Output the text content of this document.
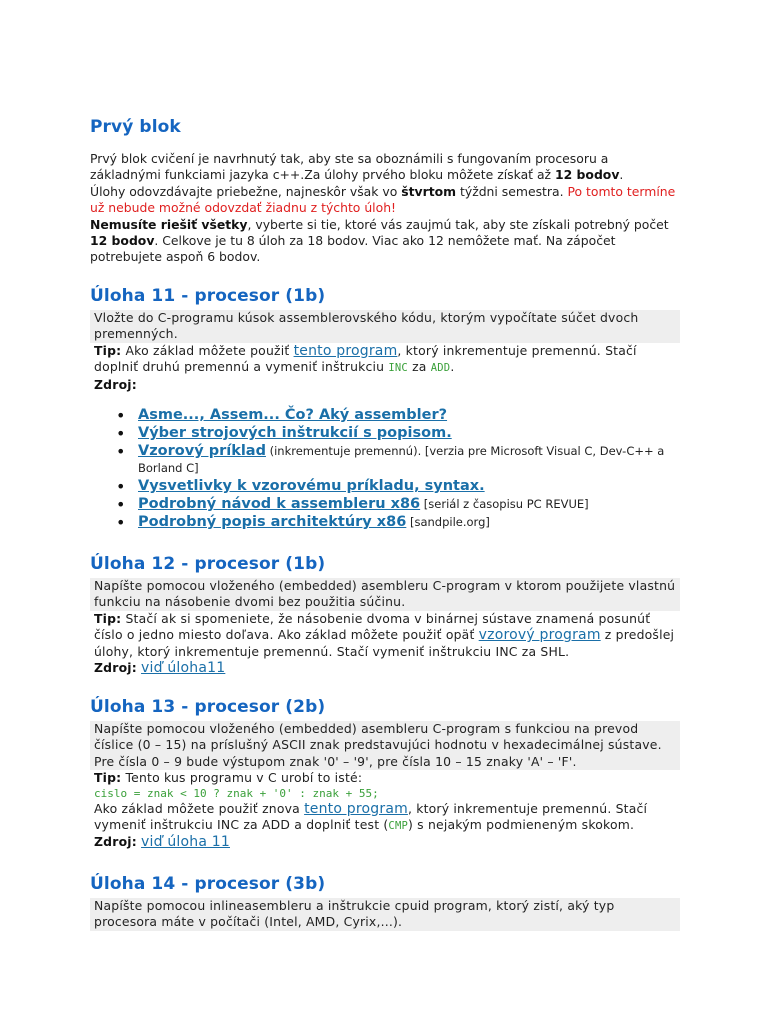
Prvý blok
Prvý blok cvičení je navrhnutý tak, aby ste sa oboznámili s fungovaním procesoru a základnými funkciami jazyka c++.Za úlohy prvého bloku môžete získať až 12 bodov.
Úlohy odovzdávajte priebežne, najneskôr však vo štvrtom týždni semestra. Po tomto termíne už nebude možné odovzdať žiadnu z týchto úloh!
Nemusíte riešiť všetky, vyberte si tie, ktoré vás zaujmú tak, aby ste získali potrebný počet 12 bodov. Celkove je tu 8 úloh za 18 bodov. Viac ako 12 nemôžete mať. Na zápočet potrebujete aspoň 6 bodov.
Úloha 11 - procesor (1b)
Vložte do C-programu kúsok assemblerovského kódu, ktorým vypočítate súčet dvoch premenných.
Tip: Ako základ môžete použiť tento program, ktorý inkrementuje premennú. Stačí doplniť druhú premennú a vymeniť inštrukciu INC za ADD.
Zdroj:
• Asme..., Assem... Čo? Aký assembler?
• Výber strojových inštrukcií s popisom.
• Vzorový príklad (inkrementuje premennú). [verzia pre Microsoft Visual C, Dev-C++ a Borland C]
• Vysvetlivky k vzorovému príkladu, syntax.
• Podrobný návod k assembleru x86 [seriál z časopisu PC REVUE]
• Podrobný popis architektúry x86 [sandpile.org]
Úloha 12 - procesor (1b)
Napíšte pomocou vloženého (embedded) asembleru C-program v ktorom použijete vlastnú funkciu na násobenie dvomi bez použitia súčinu.
Tip: Stačí ak si spomeniete, že násobenie dvoma v binárnej sústave znamená posunúť číslo o jedno miesto doľava. Ako základ môžete použiť opäť vzorový program z predošlej úlohy, ktorý inkrementuje premennú. Stačí vymeniť inštrukciu INC za SHL.
Zdroj: viď úloha11
Úloha 13 - procesor (2b)
Napíšte pomocou vloženého (embedded) asembleru C-program s funkciou na prevod číslice (0 – 15) na príslušný ASCII znak predstavujúci hodnotu v hexadecimálnej sústave. Pre čísla 0 – 9 bude výstupom znak '0' – '9', pre čísla 10 – 15 znaky 'A' – 'F'.
Tip: Tento kus programu v C urobí to isté:
cislo = znak < 10 ? znak + '0' : znak + 55;
Ako základ môžete použiť znova tento program, ktorý inkrementuje premennú. Stačí vymeniť inštrukciu INC za ADD a doplniť test (CMP) s nejakým podmieneným skokom.
Zdroj: viď úloha 11
Úloha 14 - procesor (3b)
Napíšte pomocou inlineasembleru a inštrukcie cpuid program, ktorý zistí, aký typ procesora máte v počítači (Intel, AMD, Cyrix,...).
